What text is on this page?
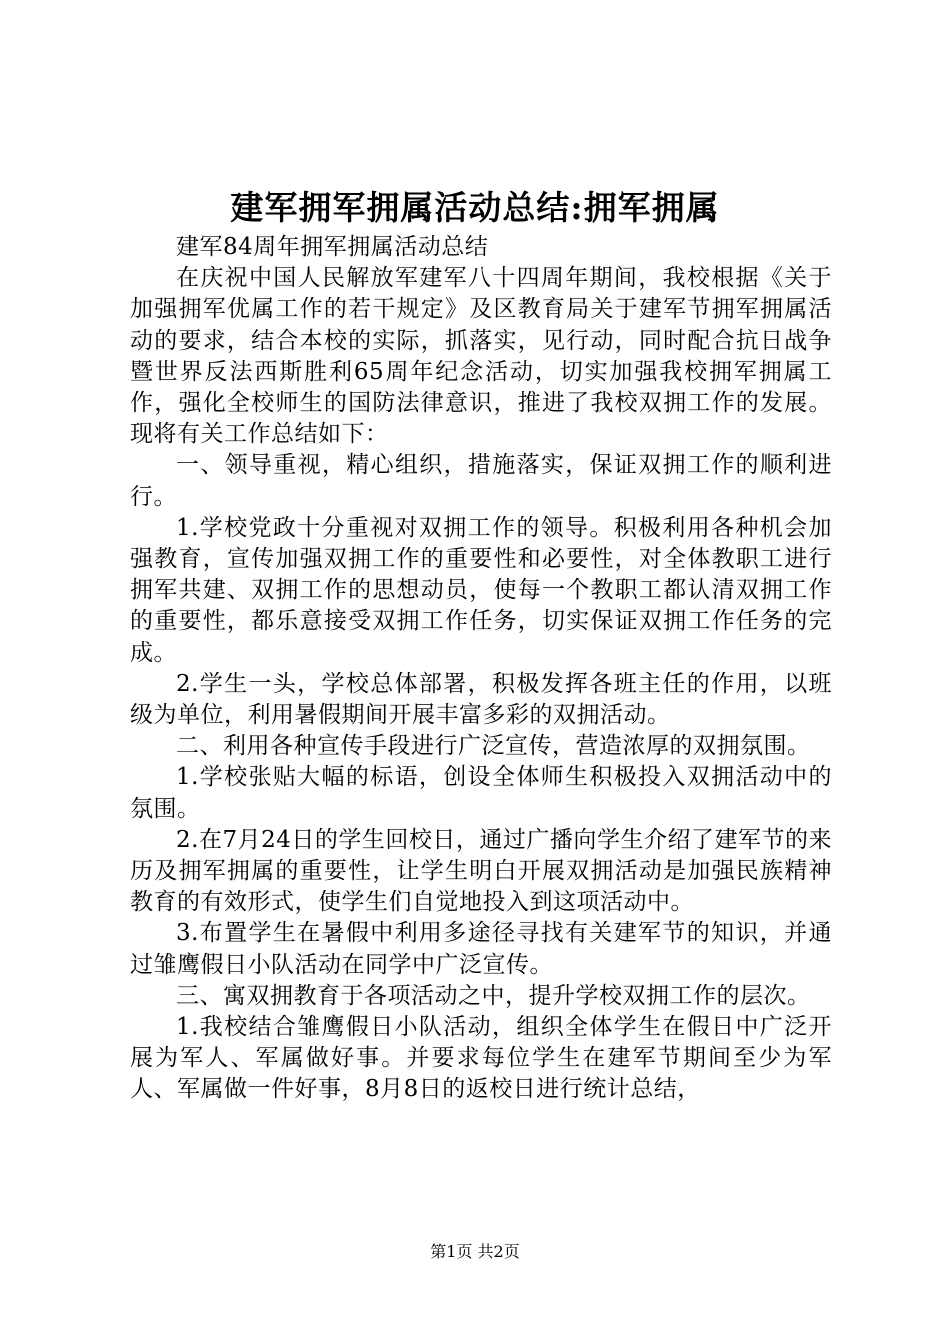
建军拥军拥属活动总结:拥军拥属

建军84周年拥军拥属活动总结

在庆祝中国人民解放军建军八十四周年期间，我校根据《关于加强拥军优属工作的若干规定》及区教育局关于建军节拥军拥属活动的要求，结合本校的实际，抓落实，见行动，同时配合抗日战争暨世界反法西斯胜利65周年纪念活动，切实加强我校拥军拥属工作，强化全校师生的国防法律意识，推进了我校双拥工作的发展。现将有关工作总结如下：

一、领导重视，精心组织，措施落实，保证双拥工作的顺利进行。

1.学校党政十分重视对双拥工作的领导。积极利用各种机会加强教育，宣传加强双拥工作的重要性和必要性，对全体教职工进行拥军共建、双拥工作的思想动员，使每一个教职工都认清双拥工作的重要性，都乐意接受双拥工作任务，切实保证双拥工作任务的完成。

2.学生一头，学校总体部署，积极发挥各班主任的作用，以班级为单位，利用暑假期间开展丰富多彩的双拥活动。

二、利用各种宣传手段进行广泛宣传，营造浓厚的双拥氛围。

1.学校张贴大幅的标语，创设全体师生积极投入双拥活动中的氛围。

2.在7月24日的学生回校日，通过广播向学生介绍了建军节的来历及拥军拥属的重要性，让学生明白开展双拥活动是加强民族精神教育的有效形式，使学生们自觉地投入到这项活动中。

3.布置学生在暑假中利用多途径寻找有关建军节的知识，并通过雏鹰假日小队活动在同学中广泛宣传。

三、寓双拥教育于各项活动之中，提升学校双拥工作的层次。

1.我校结合雏鹰假日小队活动，组织全体学生在假日中广泛开展为军人、军属做好事。并要求每位学生在建军节期间至少为军人、军属做一件好事，8月8日的返校日进行统计总结，

第1页 共2页
